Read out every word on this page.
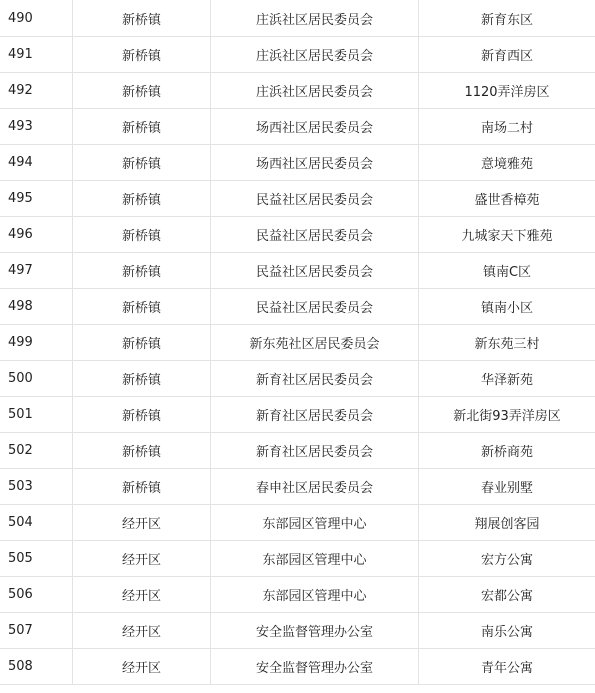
490	新桥镇	庄浜社区居民委员会	新育东区
491	新桥镇	庄浜社区居民委员会	新育西区
492	新桥镇	庄浜社区居民委员会	1120弄洋房区
493	新桥镇	场西社区居民委员会	南场二村
494	新桥镇	场西社区居民委员会	意境雅苑
495	新桥镇	民益社区居民委员会	盛世香樟苑
496	新桥镇	民益社区居民委员会	九城家天下雅苑
497	新桥镇	民益社区居民委员会	镇南C区
498	新桥镇	民益社区居民委员会	镇南小区
499	新桥镇	新东苑社区居民委员会	新东苑三村
500	新桥镇	新育社区居民委员会	华泽新苑
501	新桥镇	新育社区居民委员会	新北街93弄洋房区
502	新桥镇	新育社区居民委员会	新桥商苑
503	新桥镇	春申社区居民委员会	春业别墅
504	经开区	东部园区管理中心	翔展创客园
505	经开区	东部园区管理中心	宏方公寓
506	经开区	东部园区管理中心	宏都公寓
507	经开区	安全监督管理办公室	南乐公寓
508	经开区	安全监督管理办公室	青年公寓
